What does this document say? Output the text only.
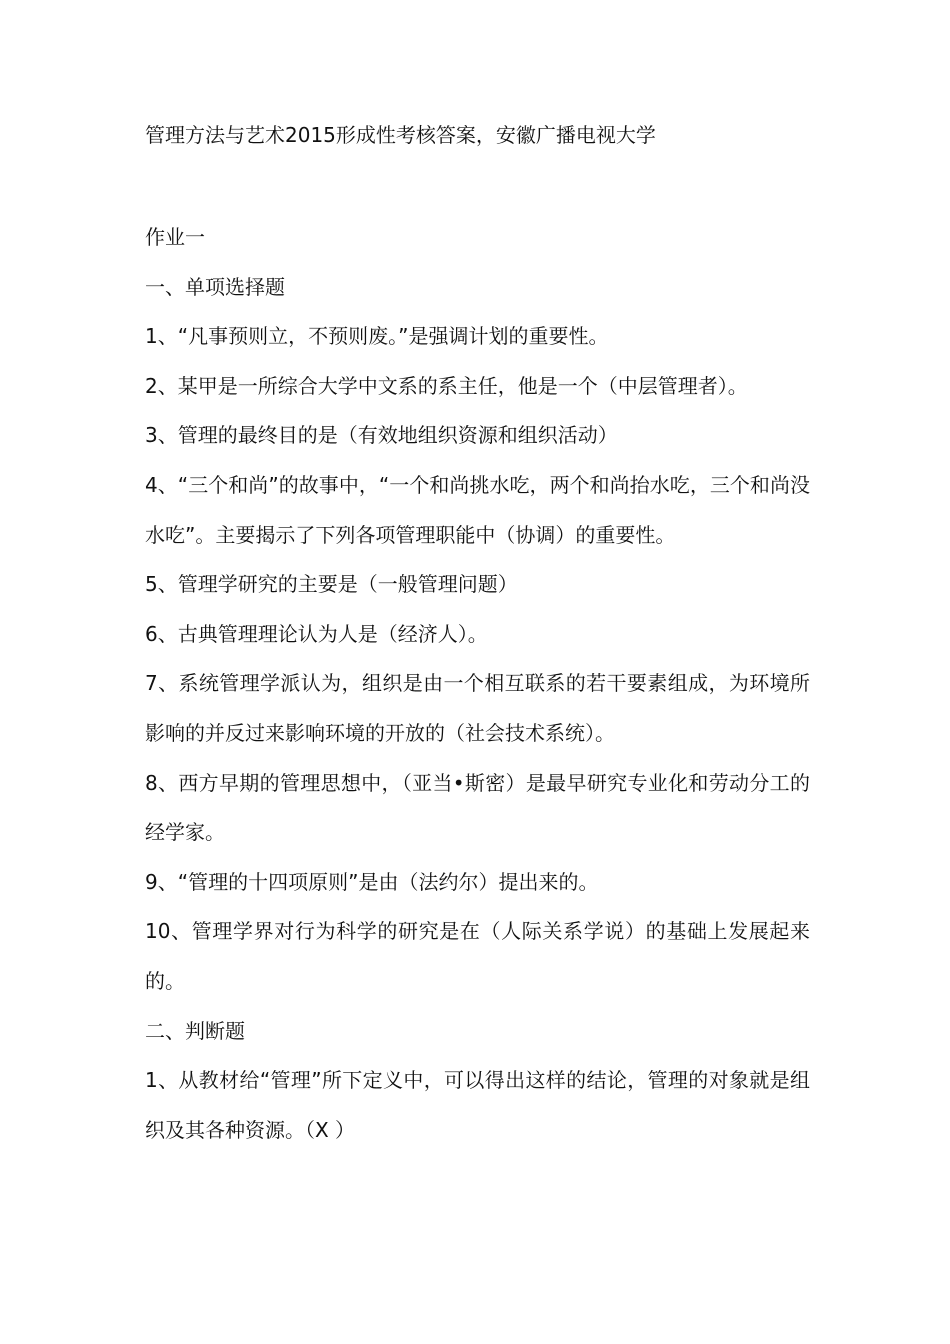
管理方法与艺术2015形成性考核答案，安徽广播电视大学

作业一

一、单项选择题

1、“凡事预则立，不预则废。”是强调计划的重要性。

2、某甲是一所综合大学中文系的系主任，他是一个（中层管理者）。

3、管理的最终目的是（有效地组织资源和组织活动）

4、“三个和尚”的故事中，“一个和尚挑水吃，两个和尚抬水吃，三个和尚没水吃”。主要揭示了下列各项管理职能中（协调）的重要性。

5、管理学研究的主要是（一般管理问题）

6、古典管理理论认为人是（经济人）。

7、系统管理学派认为，组织是由一个相互联系的若干要素组成，为环境所影响的并反过来影响环境的开放的（社会技术系统）。

8、西方早期的管理思想中，（亚当•斯密）是最早研究专业化和劳动分工的经学家。

9、“管理的十四项原则”是由（法约尔）提出来的。

10、管理学界对行为科学的研究是在（人际关系学说）的基础上发展起来的。

二、判断题

1、从教材给“管理”所下定义中，可以得出这样的结论，管理的对象就是组织及其各种资源。（X ）
